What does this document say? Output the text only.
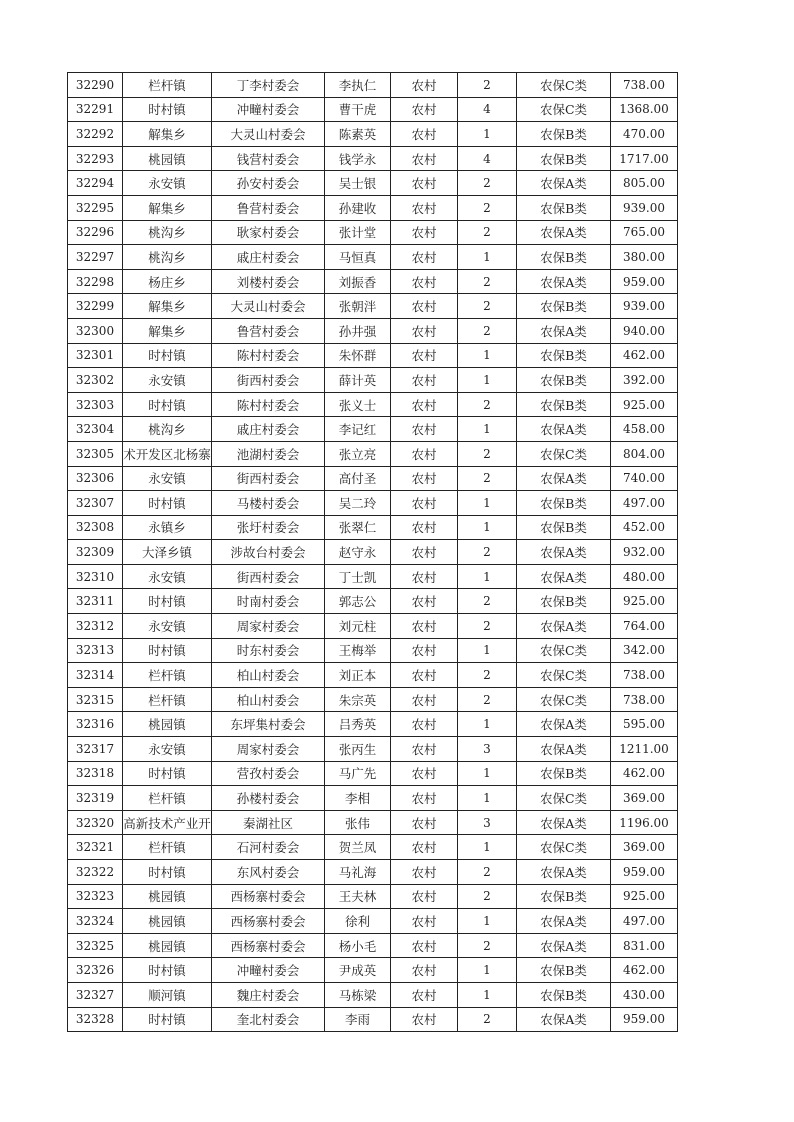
32290	栏杆镇	丁李村委会	李执仁	农村	2	农保C类	738.00
32291	时村镇	冲疃村委会	曹干虎	农村	4	农保C类	1368.00
32292	解集乡	大灵山村委会	陈素英	农村	1	农保B类	470.00
32293	桃园镇	钱营村委会	钱学永	农村	4	农保B类	1717.00
32294	永安镇	孙安村委会	吴士银	农村	2	农保A类	805.00
32295	解集乡	鲁营村委会	孙建收	农村	2	农保B类	939.00
32296	桃沟乡	耿家村委会	张计堂	农村	2	农保A类	765.00
32297	桃沟乡	戚庄村委会	马恒真	农村	1	农保B类	380.00
32298	杨庄乡	刘楼村委会	刘振香	农村	2	农保A类	959.00
32299	解集乡	大灵山村委会	张朝泮	农村	2	农保B类	939.00
32300	解集乡	鲁营村委会	孙井强	农村	2	农保A类	940.00
32301	时村镇	陈村村委会	朱怀群	农村	1	农保B类	462.00
32302	永安镇	街西村委会	薛计英	农村	1	农保B类	392.00
32303	时村镇	陈村村委会	张义士	农村	2	农保B类	925.00
32304	桃沟乡	戚庄村委会	李记红	农村	1	农保A类	458.00
32305	术开发区北杨寨	池湖村委会	张立亮	农村	2	农保C类	804.00
32306	永安镇	街西村委会	高付圣	农村	2	农保A类	740.00
32307	时村镇	马楼村委会	吴二玲	农村	1	农保B类	497.00
32308	永镇乡	张圩村委会	张翠仁	农村	1	农保B类	452.00
32309	大泽乡镇	涉故台村委会	赵守永	农村	2	农保A类	932.00
32310	永安镇	街西村委会	丁士凯	农村	1	农保A类	480.00
32311	时村镇	时南村委会	郭志公	农村	2	农保B类	925.00
32312	永安镇	周家村委会	刘元柱	农村	2	农保A类	764.00
32313	时村镇	时东村委会	王梅举	农村	1	农保C类	342.00
32314	栏杆镇	柏山村委会	刘正本	农村	2	农保C类	738.00
32315	栏杆镇	柏山村委会	朱宗英	农村	2	农保C类	738.00
32316	桃园镇	东坪集村委会	吕秀英	农村	1	农保A类	595.00
32317	永安镇	周家村委会	张丙生	农村	3	农保A类	1211.00
32318	时村镇	营孜村委会	马广先	农村	1	农保B类	462.00
32319	栏杆镇	孙楼村委会	李相	农村	1	农保C类	369.00
32320	高新技术产业开	秦湖社区	张伟	农村	3	农保A类	1196.00
32321	栏杆镇	石河村委会	贺兰凤	农村	1	农保C类	369.00
32322	时村镇	东风村委会	马礼海	农村	2	农保A类	959.00
32323	桃园镇	西杨寨村委会	王夫林	农村	2	农保B类	925.00
32324	桃园镇	西杨寨村委会	徐利	农村	1	农保A类	497.00
32325	桃园镇	西杨寨村委会	杨小毛	农村	2	农保A类	831.00
32326	时村镇	冲疃村委会	尹成英	农村	1	农保B类	462.00
32327	顺河镇	魏庄村委会	马栋梁	农村	1	农保B类	430.00
32328	时村镇	奎北村委会	李雨	农村	2	农保A类	959.00
